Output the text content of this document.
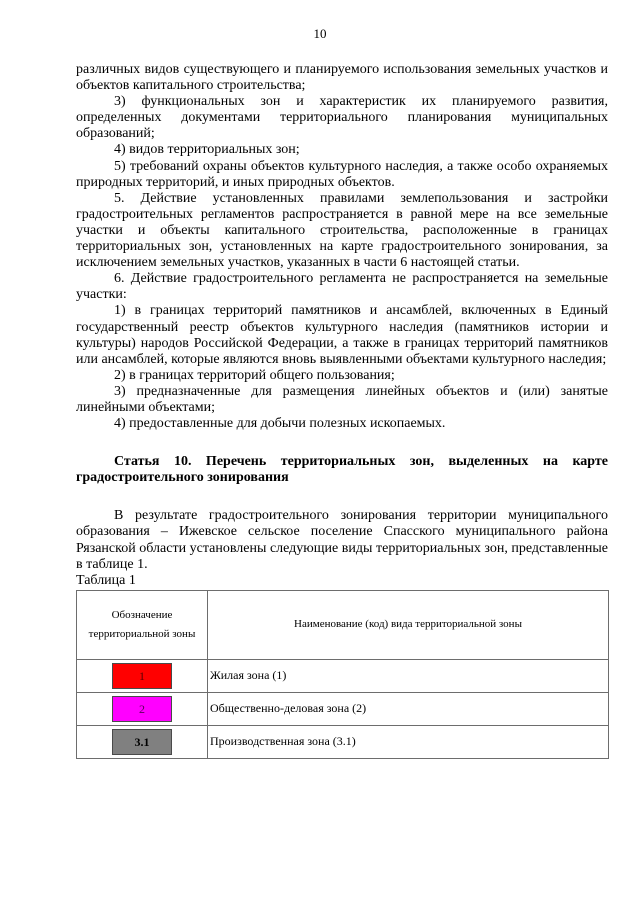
10

различных видов существующего и планируемого использования земельных участков и объектов капитального строительства;

3) функциональных зон и характеристик их планируемого развития, определенных документами территориального планирования муниципальных образований;

4) видов территориальных зон;

5) требований охраны объектов культурного наследия, а также особо охраняемых природных территорий, и иных природных объектов.

5. Действие установленных правилами землепользования и застройки градостроительных регламентов распространяется в равной мере на все земельные участки и объекты капитального строительства, расположенные в границах территориальных зон, установленных на карте градостроительного зонирования, за исключением земельных участков, указанных в части 6 настоящей статьи.

6. Действие градостроительного регламента не распространяется на земельные участки:

1) в границах территорий памятников и ансамблей, включенных в Единый государственный реестр объектов культурного наследия (памятников истории и культуры) народов Российской Федерации, а также в границах территорий памятников или ансамблей, которые являются вновь выявленными объектами культурного наследия;

2) в границах территорий общего пользования;

3) предназначенные для размещения линейных объектов и (или) занятые линейными объектами;

4) предоставленные для добычи полезных ископаемых.

Статья 10. Перечень территориальных зон, выделенных на карте градостроительного зонирования

В результате градостроительного зонирования территории муниципального образования – Ижевское сельское поселение Спасского муниципального района Рязанской области установлены следующие виды территориальных зон, представленные в таблице 1.

Таблица 1

Обозначение территориальной зоны	Наименование (код) вида территориальной зоны
1	Жилая зона (1)
2	Общественно-деловая зона (2)
3.1	Производственная зона (3.1)
